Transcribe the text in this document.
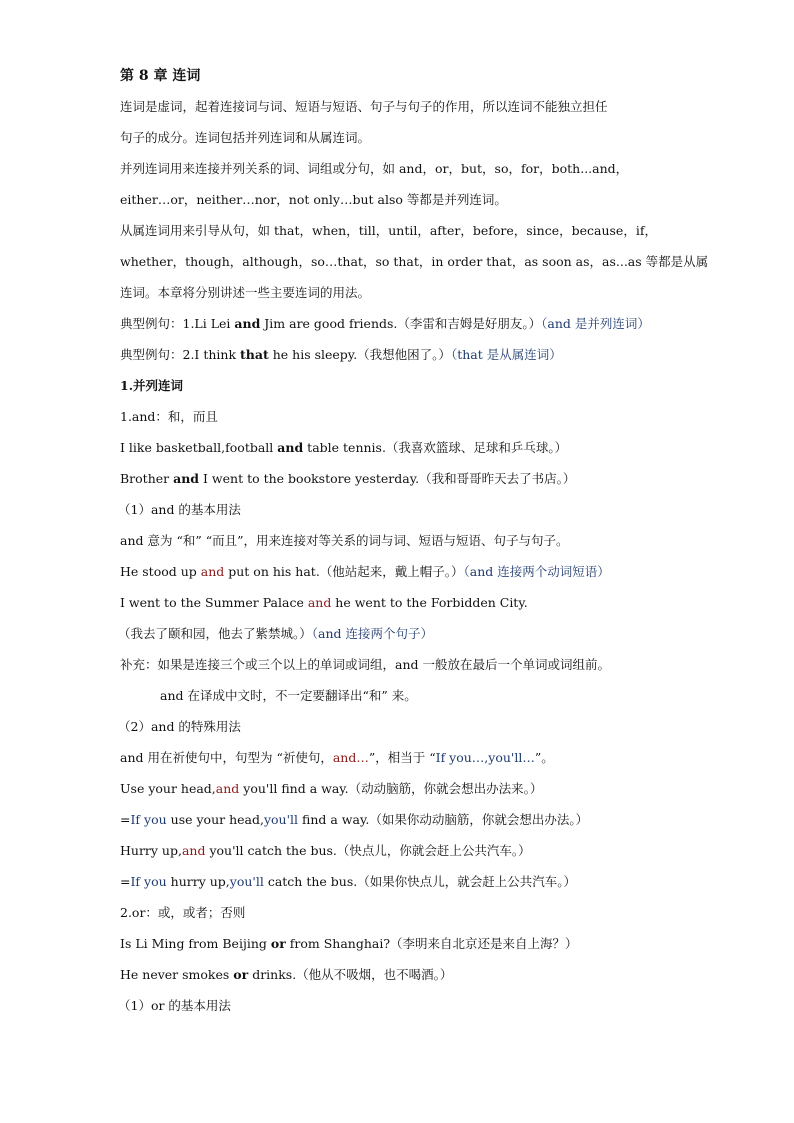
第 8 章 连词
连词是虚词，起着连接词与词、短语与短语、句子与句子的作用，所以连词不能独立担任
句子的成分。连词包括并列连词和从属连词。
并列连词用来连接并列关系的词、词组或分句，如 and，or，but，so，for，both...and，
either…or，neither…nor，not only…but also 等都是并列连词。
从属连词用来引导从句，如 that，when，till，until，after，before，since，because，if，
whether，though，although，so…that，so that，in order that，as soon as，as...as 等都是从属
连词。本章将分别讲述一些主要连词的用法。
典型例句：1.Li Lei and Jim are good friends.（李雷和吉姆是好朋友。）（and 是并列连词）
典型例句：2.I think that he his sleepy.（我想他困了。）（that 是从属连词）
1.并列连词
1.and：和，而且
I like basketball,football and table tennis.（我喜欢篮球、足球和乒乓球。）
Brother and I went to the bookstore yesterday.（我和哥哥昨天去了书店。）
（1）and 的基本用法
and 意为 “和” “而且”，用来连接对等关系的词与词、短语与短语、句子与句子。
He stood up and put on his hat.（他站起来，戴上帽子。）（and 连接两个动词短语）
I went to the Summer Palace and he went to the Forbidden City.
（我去了颐和园，他去了紫禁城。）（and 连接两个句子）
补充：如果是连接三个或三个以上的单词或词组，and 一般放在最后一个单词或词组前。
and 在译成中文时，不一定要翻译出“和” 来。
（2）and 的特殊用法
and 用在祈使句中，句型为 “祈使句，and…”，相当于 “If you…,you'll…”。
Use your head,and you'll find a way.（动动脑筋，你就会想出办法来。）
=If you use your head,you'll find a way.（如果你动动脑筋，你就会想出办法。）
Hurry up,and you'll catch the bus.（快点儿，你就会赶上公共汽车。）
=If you hurry up,you'll catch the bus.（如果你快点儿，就会赶上公共汽车。）
2.or：或，或者；否则
Is Li Ming from Beijing or from Shanghai?（李明来自北京还是来自上海？）
He never smokes or drinks.（他从不吸烟，也不喝酒。）
（1）or 的基本用法
